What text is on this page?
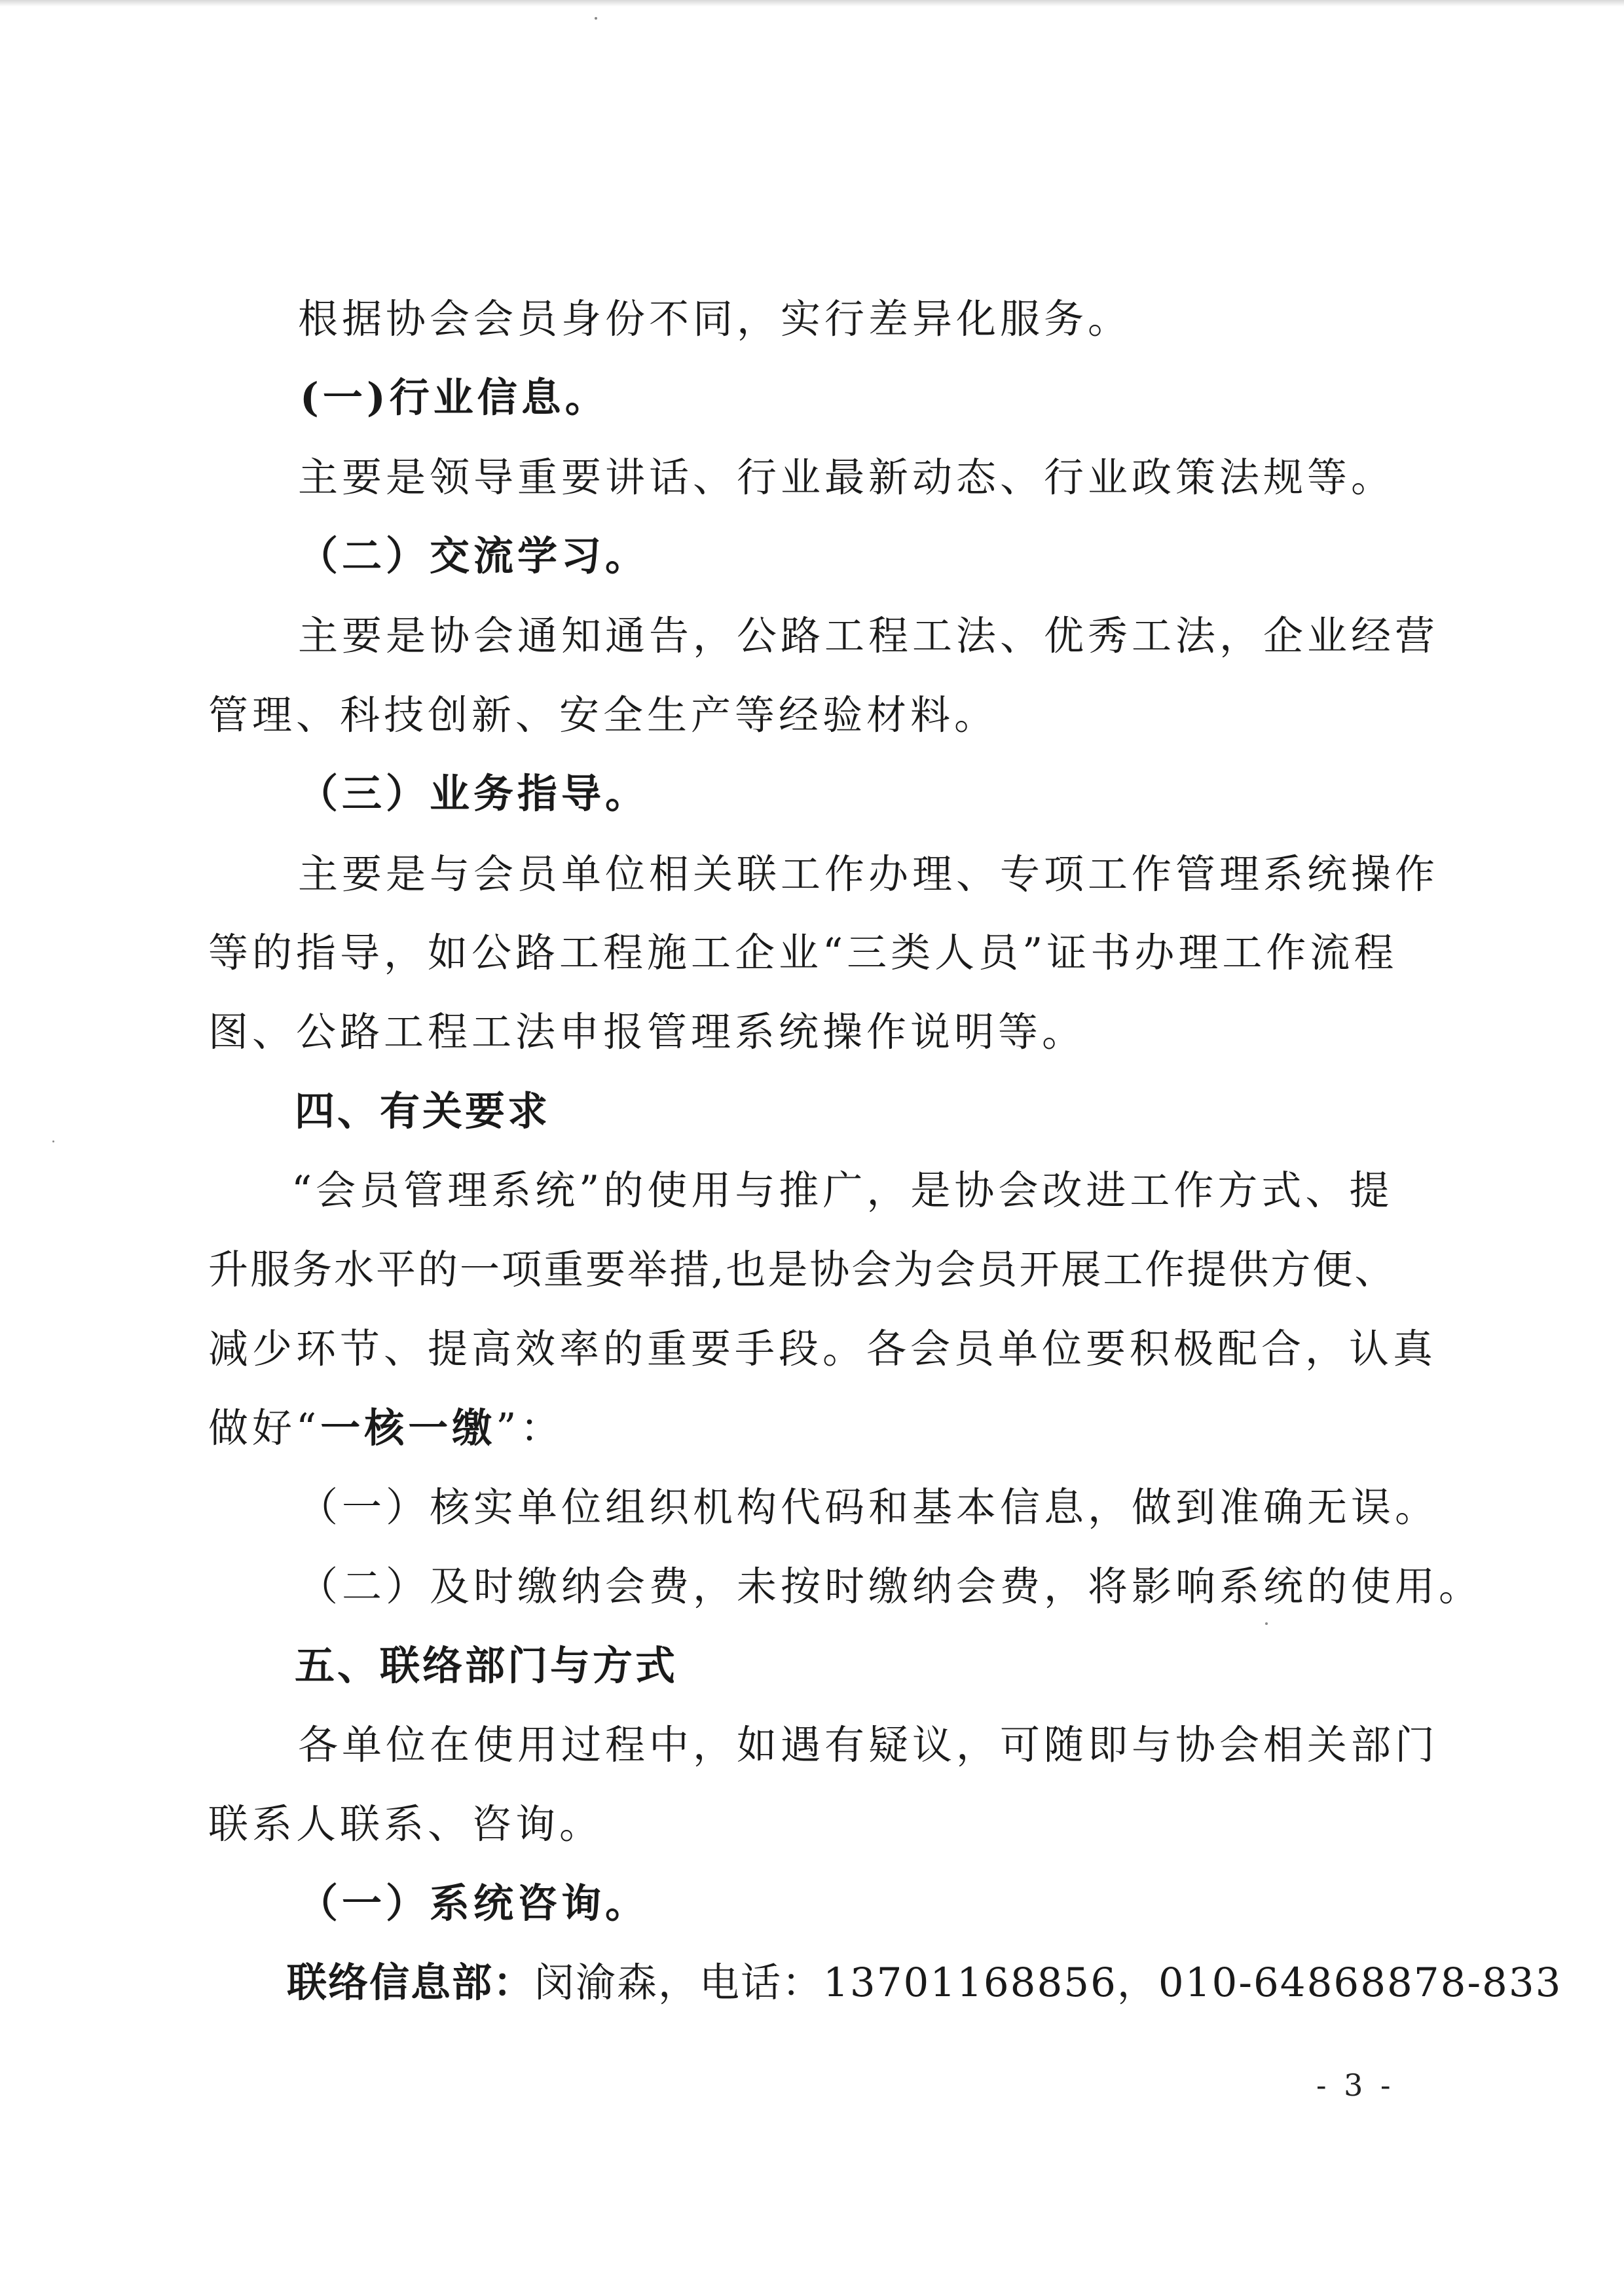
根据协会会员身份不同，实行差异化服务。
(一)行业信息。
主要是领导重要讲话、行业最新动态、行业政策法规等。
（二）交流学习。
主要是协会通知通告，公路工程工法、优秀工法，企业经营
管理、科技创新、安全生产等经验材料。
（三）业务指导。
主要是与会员单位相关联工作办理、专项工作管理系统操作
等的指导，如公路工程施工企业“三类人员”证书办理工作流程
图、公路工程工法申报管理系统操作说明等。
四、有关要求
“会员管理系统”的使用与推广，是协会改进工作方式、提
升服务水平的一项重要举措,也是协会为会员开展工作提供方便、
减少环节、提高效率的重要手段。各会员单位要积极配合，认真
做好“一核一缴”：
（一）核实单位组织机构代码和基本信息，做到准确无误。
（二）及时缴纳会费，未按时缴纳会费，将影响系统的使用。
五、联络部门与方式
各单位在使用过程中，如遇有疑议，可随即与协会相关部门
联系人联系、咨询。
（一）系统咨询。
联络信息部：闵渝森，电话：13701168856，010-64868878-833
- 3 -
